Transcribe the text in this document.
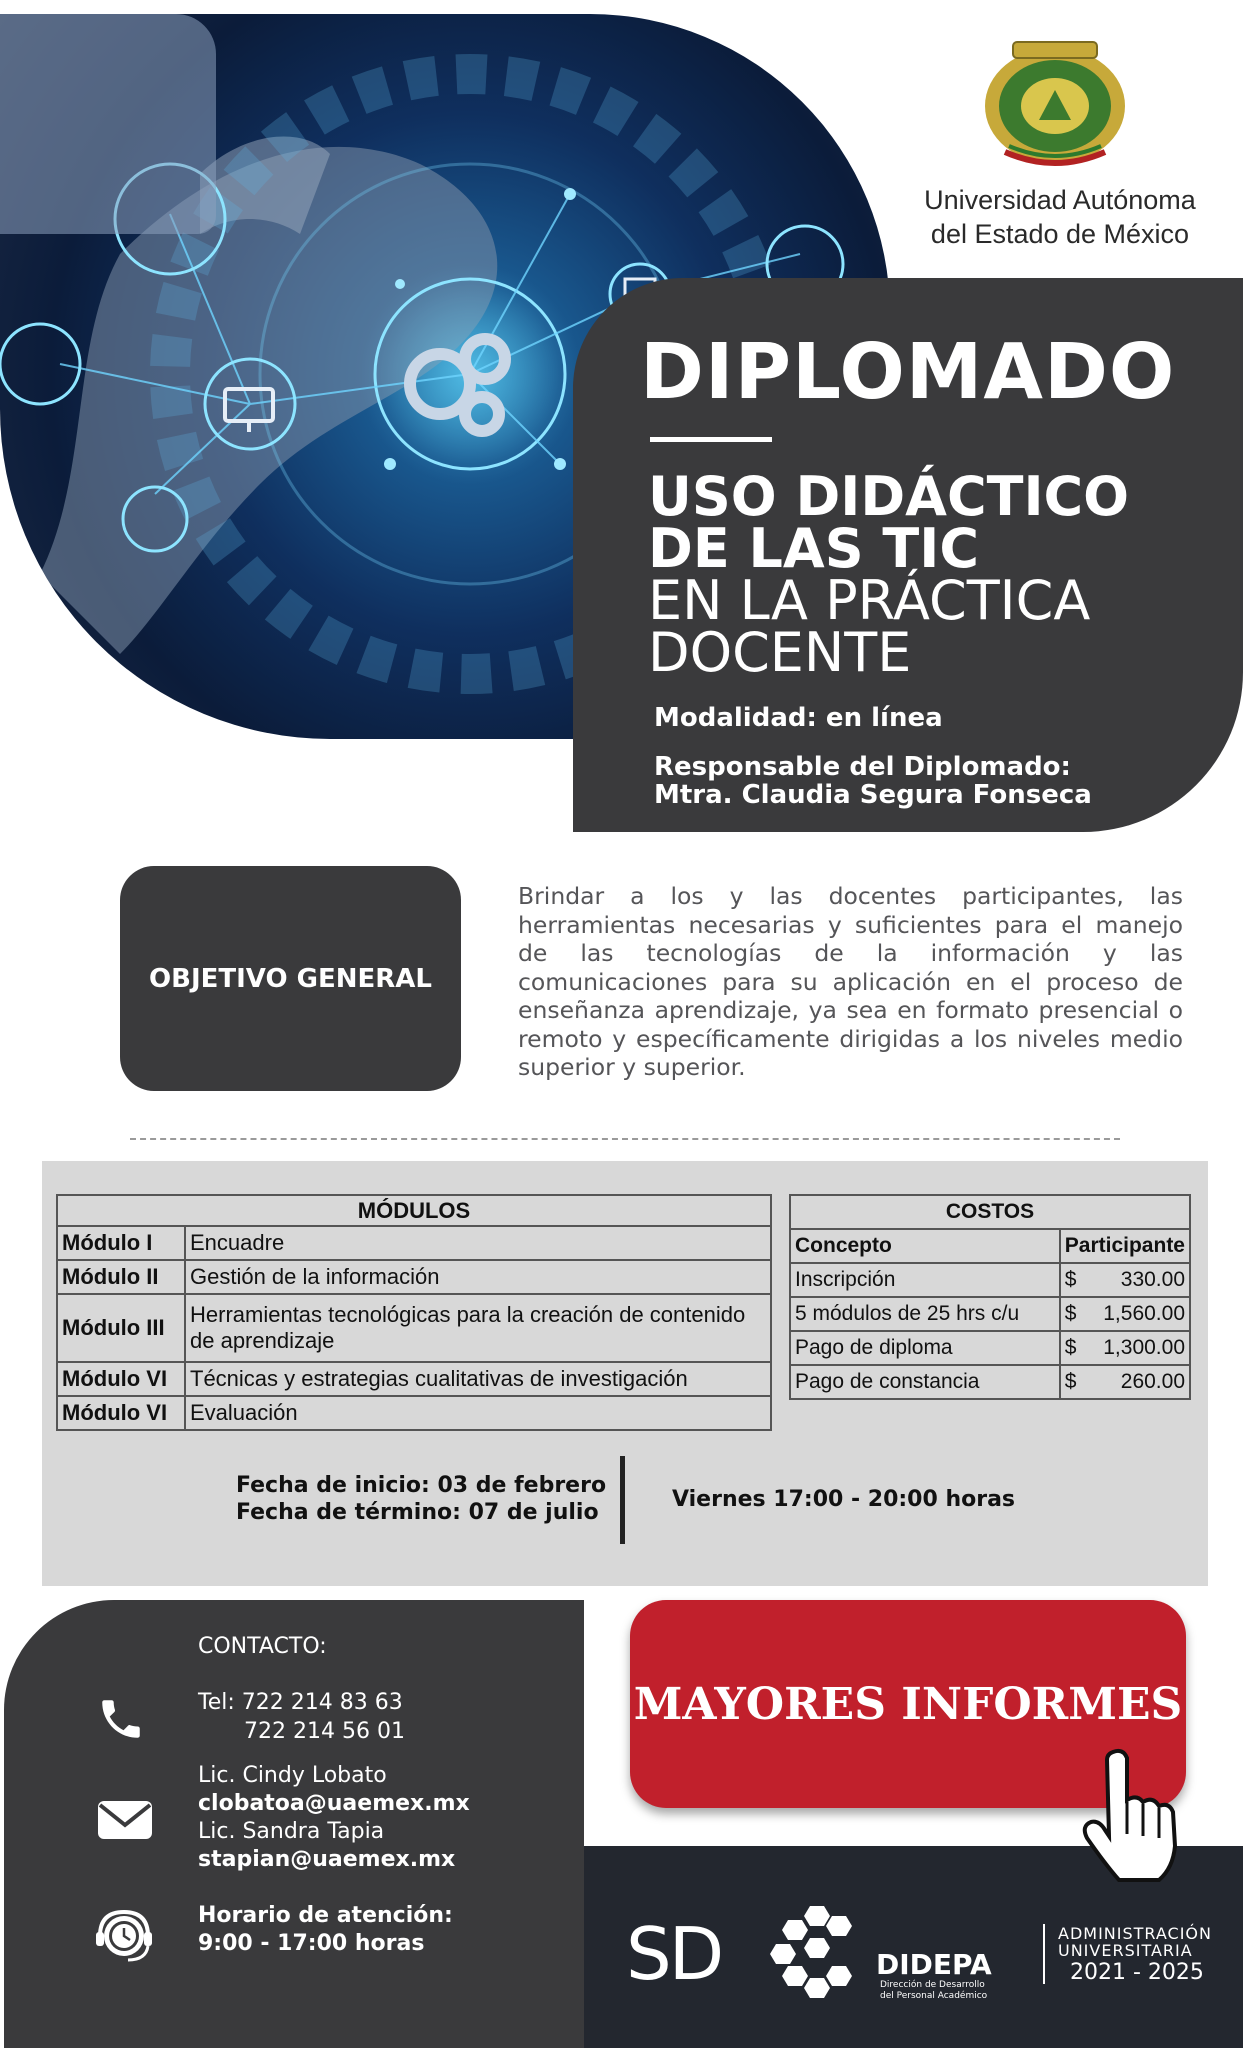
Universidad Autónoma
del Estado de México
DIPLOMADO
USO DIDÁCTICO
DE LAS TIC
EN LA PRÁCTICA
DOCENTE
Modalidad: en línea
Responsable del Diplomado:
Mtra. Claudia Segura Fonseca
OBJETIVO GENERAL
Brindar a los y las docentes participantes, las herramientas necesarias y suficientes para el manejo de las tecnologías de la información y las comunicaciones para su aplicación en el proceso de enseñanza aprendizaje, ya sea en formato presencial o remoto y específicamente dirigidas a los niveles medio superior y superior.
MÓDULOS	
Módulo I	Encuadre
Módulo II	Gestión de la información
Módulo III	Herramientas tecnológicas para la creación de contenido de aprendizaje
Módulo VI	Técnicas y estrategias cualitativas de investigación
Módulo VI	Evaluación
COSTOS	
Concepto	Participante
Inscripción	$ 330.00

5 módulos de 25 hrs c/u	$ 1,560.00

Pago de diploma	$ 1,300.00

Pago de constancia	$ 260.00
Fecha de inicio: 03 de febrero
Fecha de término: 07 de julio
Viernes 17:00 - 20:00 horas
CONTACTO:
Tel: 722 214 83 63
722 214 56 01
Lic. Cindy Lobato
clobatoa@uaemex.mx
Lic. Sandra Tapia
stapian@uaemex.mx
Horario de atención:
9:00 - 17:00 horas
MAYORES INFORMES
SD	DIDEPA
Dirección de Desarrollo
del Personal Académico
ADMINISTRACIÓN
UNIVERSITARIA
2021 - 2025
